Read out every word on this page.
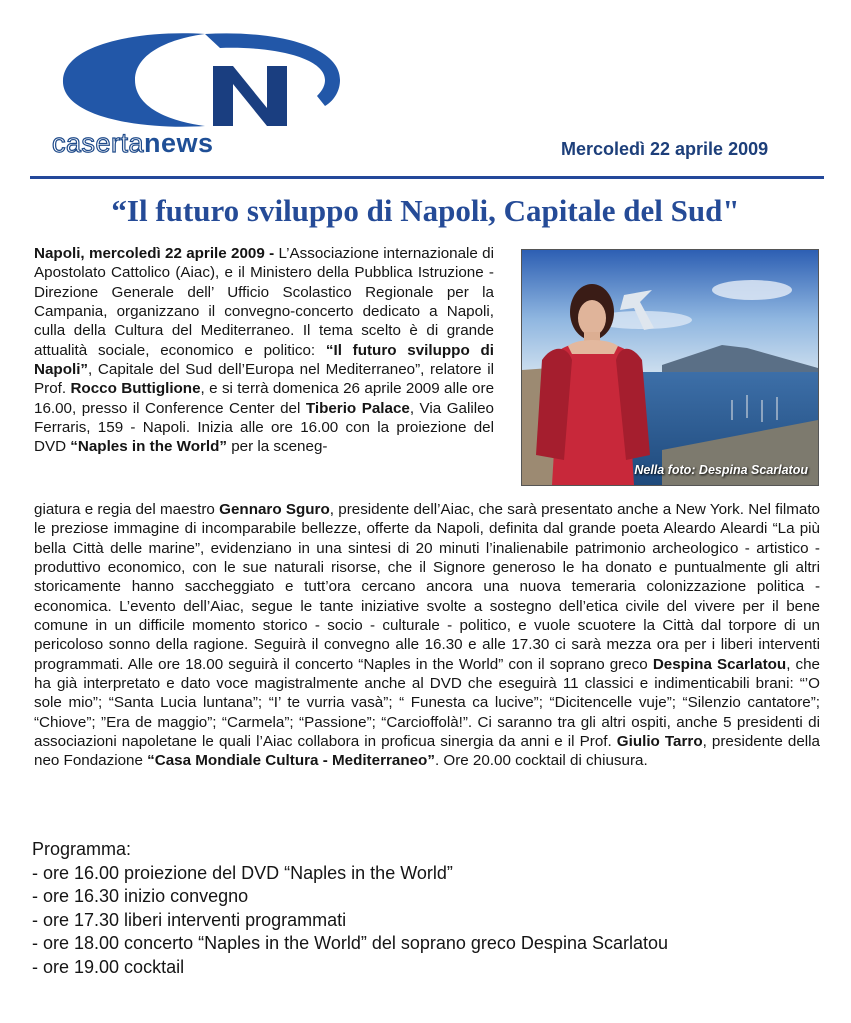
casertanews	Mercoledì 22 aprile 2009
“Il futuro sviluppo di Napoli, Capitale del Sud"
Napoli, mercoledì 22 aprile 2009 - L’Associazione internazionale di Apostolato Cattolico (Aiac), e il Ministero della Pubblica Istruzione - Direzione Generale dell’ Ufficio Scolastico Regionale per la Campania, organizzano il convegno-concerto dedicato a Napoli, culla della Cultura del Mediterraneo. Il tema scelto è di grande attualità sociale, economico e politico: “Il futuro sviluppo di Napoli”, Capitale del Sud dell’Europa nel Mediterraneo”, relatore il Prof. Rocco Buttiglione, e si terrà domenica 26 aprile 2009 alle ore 16.00, presso il Conference Center del Tiberio Palace, Via Galileo Ferraris, 159 - Napoli. Inizia alle ore 16.00 con la proiezione del DVD “Naples in the World” per la sceneg-
Nella foto: Despina Scarlatou
giatura e regia del maestro Gennaro Sguro, presidente dell’Aiac, che sarà presentato anche a New York. Nel filmato le preziose immagine di incomparabile bellezze, offerte da Napoli, definita dal grande poeta Aleardo Aleardi “La più bella Città delle marine”, evidenziano in una sintesi di 20 minuti l’inalienabile patrimonio archeologico - artistico - produttivo economico, con le sue naturali risorse, che il Signore generoso le ha donato e puntualmente gli altri storicamente hanno saccheggiato e tutt’ora cercano ancora una nuova temeraria colonizzazione politica - economica. L’evento dell’Aiac, segue le tante iniziative svolte a sostegno dell’etica civile del vivere per il bene comune in un difficile momento storico - socio - culturale - politico, e vuole scuotere la Città dal torpore di un pericoloso sonno della ragione. Seguirà il convegno alle 16.30 e alle 17.30 ci sarà mezza ora per i liberi interventi programmati. Alle ore 18.00 seguirà il concerto “Naples in the World” con il soprano greco Despina Scarlatou, che ha già interpretato e dato voce magistralmente anche al DVD che eseguirà 11 classici e indimenticabili brani: “’O sole mio”; “Santa Lucia luntana”; “I’ te vurria vasà”; “ Funesta ca lucive”; “Dicitencelle vuje”; “Silenzio cantatore”; “Chiove”; ”Era de maggio”; “Carmela”; “Passione”; “Carcioffolà!”. Ci saranno tra gli altri ospiti, anche 5 presidenti di associazioni napoletane le quali l’Aiac collabora in proficua sinergia da anni e il Prof. Giulio Tarro, presidente della neo Fondazione “Casa Mondiale Cultura - Mediterraneo”. Ore 20.00 cocktail di chiusura.
Programma:
- ore 16.00 proiezione del DVD “Naples in the World”
- ore 16.30 inizio convegno
- ore 17.30 liberi interventi programmati
- ore 18.00 concerto “Naples in the World” del soprano greco Despina Scarlatou
- ore 19.00 cocktail
